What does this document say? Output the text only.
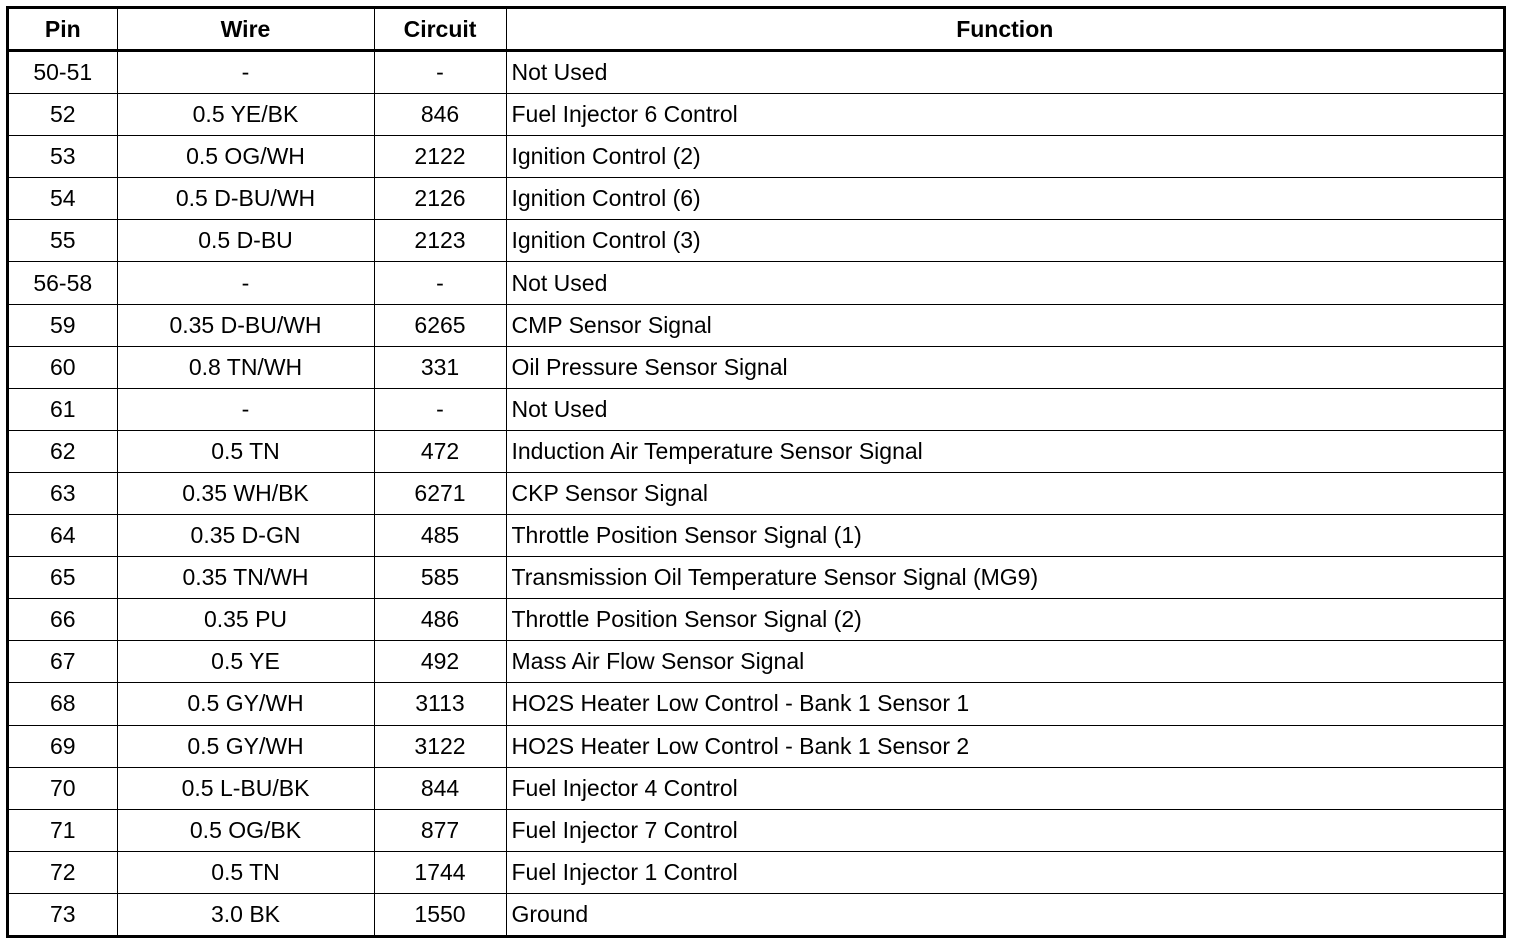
Pin	Wire	Circuit	Function
50-51	-	-	Not Used
52	0.5 YE/BK	846	Fuel Injector 6 Control
53	0.5 OG/WH	2122	Ignition Control (2)
54	0.5 D-BU/WH	2126	Ignition Control (6)
55	0.5 D-BU	2123	Ignition Control (3)
56-58	-	-	Not Used
59	0.35 D-BU/WH	6265	CMP Sensor Signal
60	0.8 TN/WH	331	Oil Pressure Sensor Signal
61	-	-	Not Used
62	0.5 TN	472	Induction Air Temperature Sensor Signal
63	0.35 WH/BK	6271	CKP Sensor Signal
64	0.35 D-GN	485	Throttle Position Sensor Signal (1)
65	0.35 TN/WH	585	Transmission Oil Temperature Sensor Signal (MG9)
66	0.35 PU	486	Throttle Position Sensor Signal (2)
67	0.5 YE	492	Mass Air Flow Sensor Signal
68	0.5 GY/WH	3113	HO2S Heater Low Control - Bank 1 Sensor 1
69	0.5 GY/WH	3122	HO2S Heater Low Control - Bank 1 Sensor 2
70	0.5 L-BU/BK	844	Fuel Injector 4 Control
71	0.5 OG/BK	877	Fuel Injector 7 Control
72	0.5 TN	1744	Fuel Injector 1 Control
73	3.0 BK	1550	Ground
